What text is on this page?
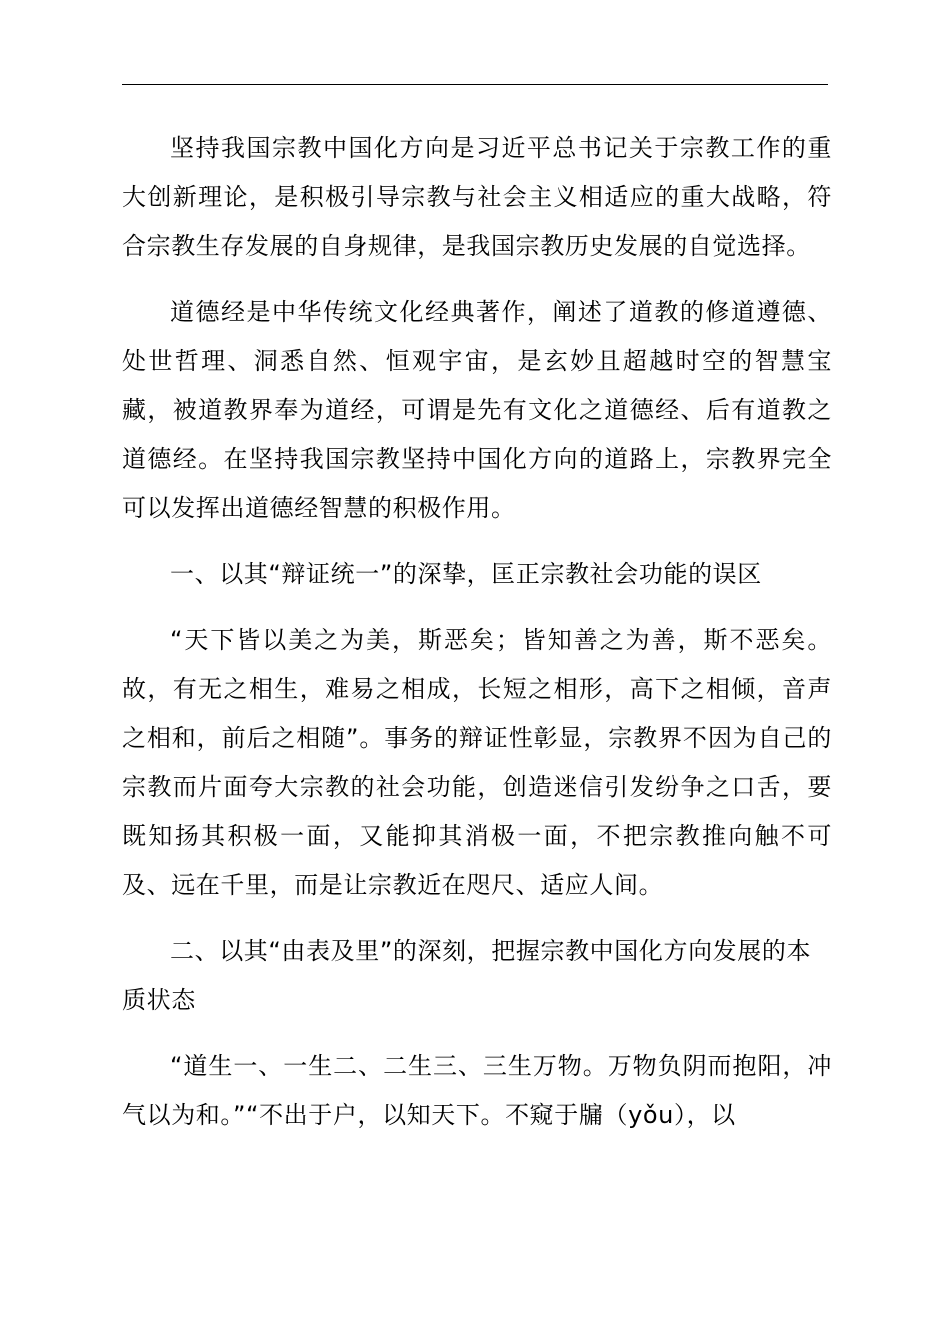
坚持我国宗教中国化方向是习近平总书记关于宗教工作的重大创新理论，是积极引导宗教与社会主义相适应的重大战略，符合宗教生存发展的自身规律，是我国宗教历史发展的自觉选择。

道德经是中华传统文化经典著作，阐述了道教的修道遵德、处世哲理、洞悉自然、恒观宇宙，是玄妙且超越时空的智慧宝藏，被道教界奉为道经，可谓是先有文化之道德经、后有道教之道德经。在坚持我国宗教坚持中国化方向的道路上，宗教界完全可以发挥出道德经智慧的积极作用。

一、以其“辩证统一”的深挚，匡正宗教社会功能的误区

“天下皆以美之为美，斯恶矣；皆知善之为善，斯不恶矣。故，有无之相生，难易之相成，长短之相形，高下之相倾，音声之相和，前后之相随”。事务的辩证性彰显，宗教界不因为自己的宗教而片面夸大宗教的社会功能，创造迷信引发纷争之口舌，要既知扬其积极一面，又能抑其消极一面，不把宗教推向触不可及、远在千里，而是让宗教近在咫尺、适应人间。

二、以其“由表及里”的深刻，把握宗教中国化方向发展的本质状态

“道生一、一生二、二生三、三生万物。万物负阴而抱阳，冲气以为和。”“不出于户，以知天下。不窥于牖（yǒu），以
